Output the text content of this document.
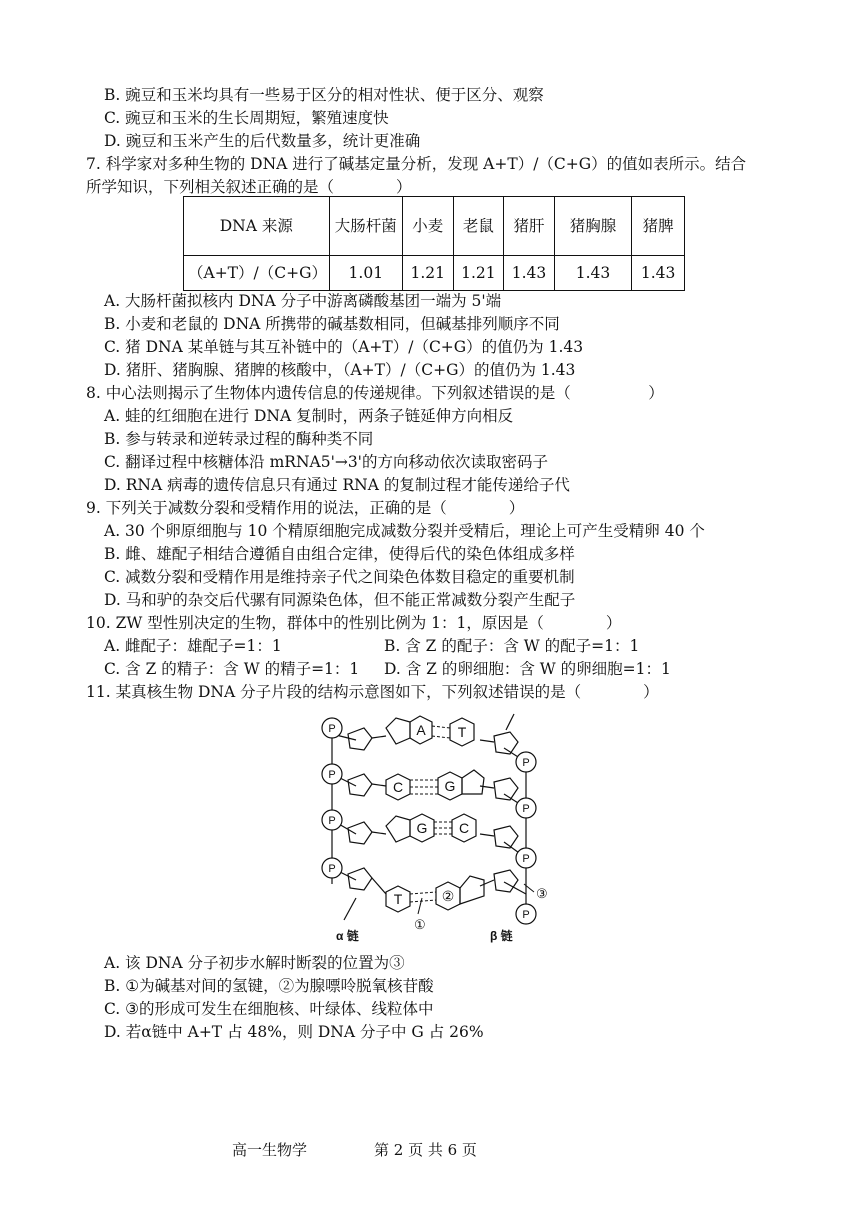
B. 豌豆和玉米均具有一些易于区分的相对性状、便于区分、观察
C. 豌豆和玉米的生长周期短，繁殖速度快
D. 豌豆和玉米产生的后代数量多，统计更准确
7. 科学家对多种生物的 DNA 进行了碱基定量分析，发现 A+T）/（C+G）的值如表所示。结合
所学知识，下列相关叙述正确的是（　　　　）
DNA 来源	大肠杆菌	小麦	老鼠	猪肝	猪胸腺	猪脾
（A+T）/（C+G）	1.01	1.21	1.21	1.43	1.43	1.43
A. 大肠杆菌拟核内 DNA 分子中游离磷酸基团一端为 5'端
B. 小麦和老鼠的 DNA 所携带的碱基数相同，但碱基排列顺序不同
C. 猪 DNA 某单链与其互补链中的（A+T）/（C+G）的值仍为 1.43
D. 猪肝、猪胸腺、猪脾的核酸中，（A+T）/（C+G）的值仍为 1.43
8. 中心法则揭示了生物体内遗传信息的传递规律。下列叙述错误的是（　　　　　）
A. 蛙的红细胞在进行 DNA 复制时，两条子链延伸方向相反
B. 参与转录和逆转录过程的酶种类不同
C. 翻译过程中核糖体沿 mRNA5'→3'的方向移动依次读取密码子
D. RNA 病毒的遗传信息只有通过 RNA 的复制过程才能传递给子代
9. 下列关于减数分裂和受精作用的说法，正确的是（　　　　）
A. 30 个卵原细胞与 10 个精原细胞完成减数分裂并受精后，理论上可产生受精卵 40 个
B. 雌、雄配子相结合遵循自由组合定律，使得后代的染色体组成多样
C. 减数分裂和受精作用是维持亲子代之间染色体数目稳定的重要机制
D. 马和驴的杂交后代骡有同源染色体，但不能正常减数分裂产生配子
10. ZW 型性别决定的生物，群体中的性别比例为 1：1，原因是（　　　　）
A. 雌配子：雄配子=1：1	B. 含 Z 的配子：含 W 的配子=1：1
C. 含 Z 的精子：含 W 的精子=1：1 D. 含 Z 的卵细胞：含 W 的卵细胞=1：1
11. 某真核生物 DNA 分子片段的结构示意图如下，下列叙述错误的是（　　　　）
A T
C	G
G C
T	②
P
P
P
P
P
P
P
P
①
③
α 链	β 链
A. 该 DNA 分子初步水解时断裂的位置为③
B. ①为碱基对间的氢键，②为腺嘌呤脱氧核苷酸
C. ③的形成可发生在细胞核、叶绿体、线粒体中
D. 若α链中 A+T 占 48%，则 DNA 分子中 G 占 26%
高一生物学	第 2 页 共 6 页
